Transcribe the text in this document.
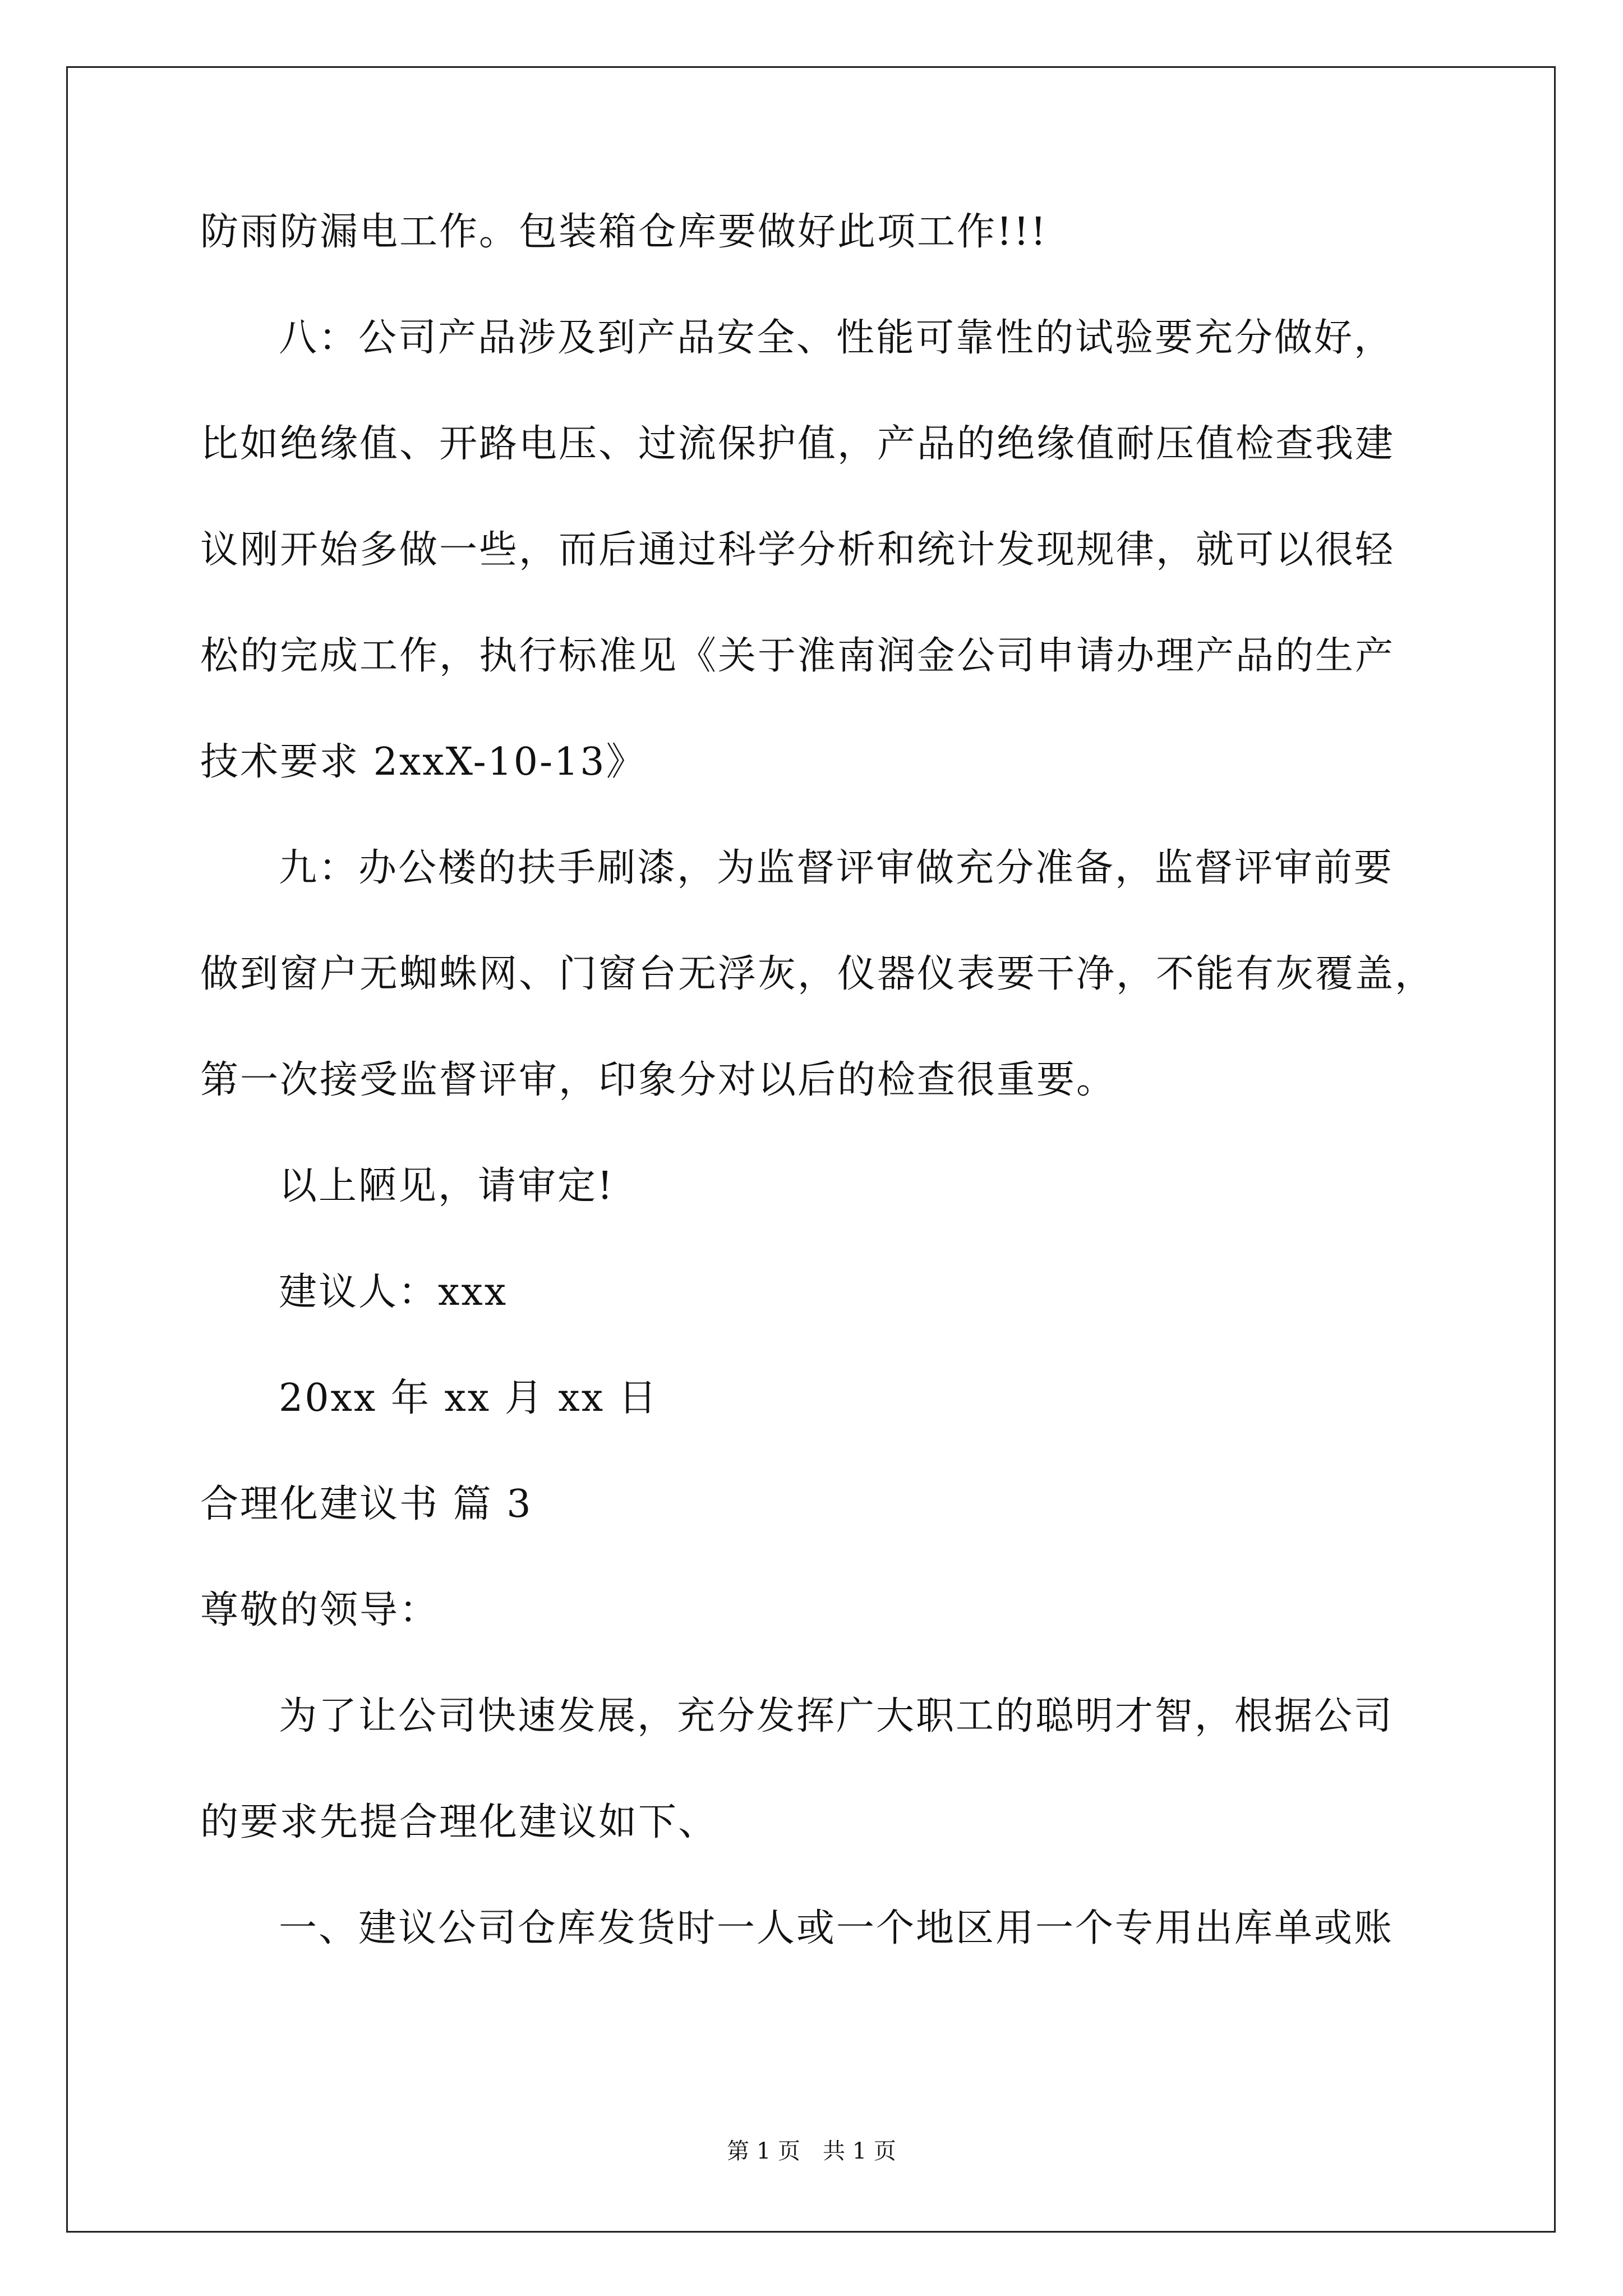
防雨防漏电工作。包装箱仓库要做好此项工作!!!
八：公司产品涉及到产品安全、性能可靠性的试验要充分做好，
比如绝缘值、开路电压、过流保护值，产品的绝缘值耐压值检查我建
议刚开始多做一些，而后通过科学分析和统计发现规律，就可以很轻
松的完成工作，执行标准见《关于淮南润金公司申请办理产品的生产
技术要求 2xxX-10-13》
九：办公楼的扶手刷漆，为监督评审做充分准备，监督评审前要
做到窗户无蜘蛛网、门窗台无浮灰，仪器仪表要干净，不能有灰覆盖，
第一次接受监督评审，印象分对以后的检查很重要。
以上陋见，请审定!
建议人：xxx
20xx 年 xx 月 xx 日
合理化建议书 篇 3
尊敬的领导：
为了让公司快速发展，充分发挥广大职工的聪明才智，根据公司
的要求先提合理化建议如下、
一、建议公司仓库发货时一人或一个地区用一个专用出库单或账
第 1 页　共 1 页
